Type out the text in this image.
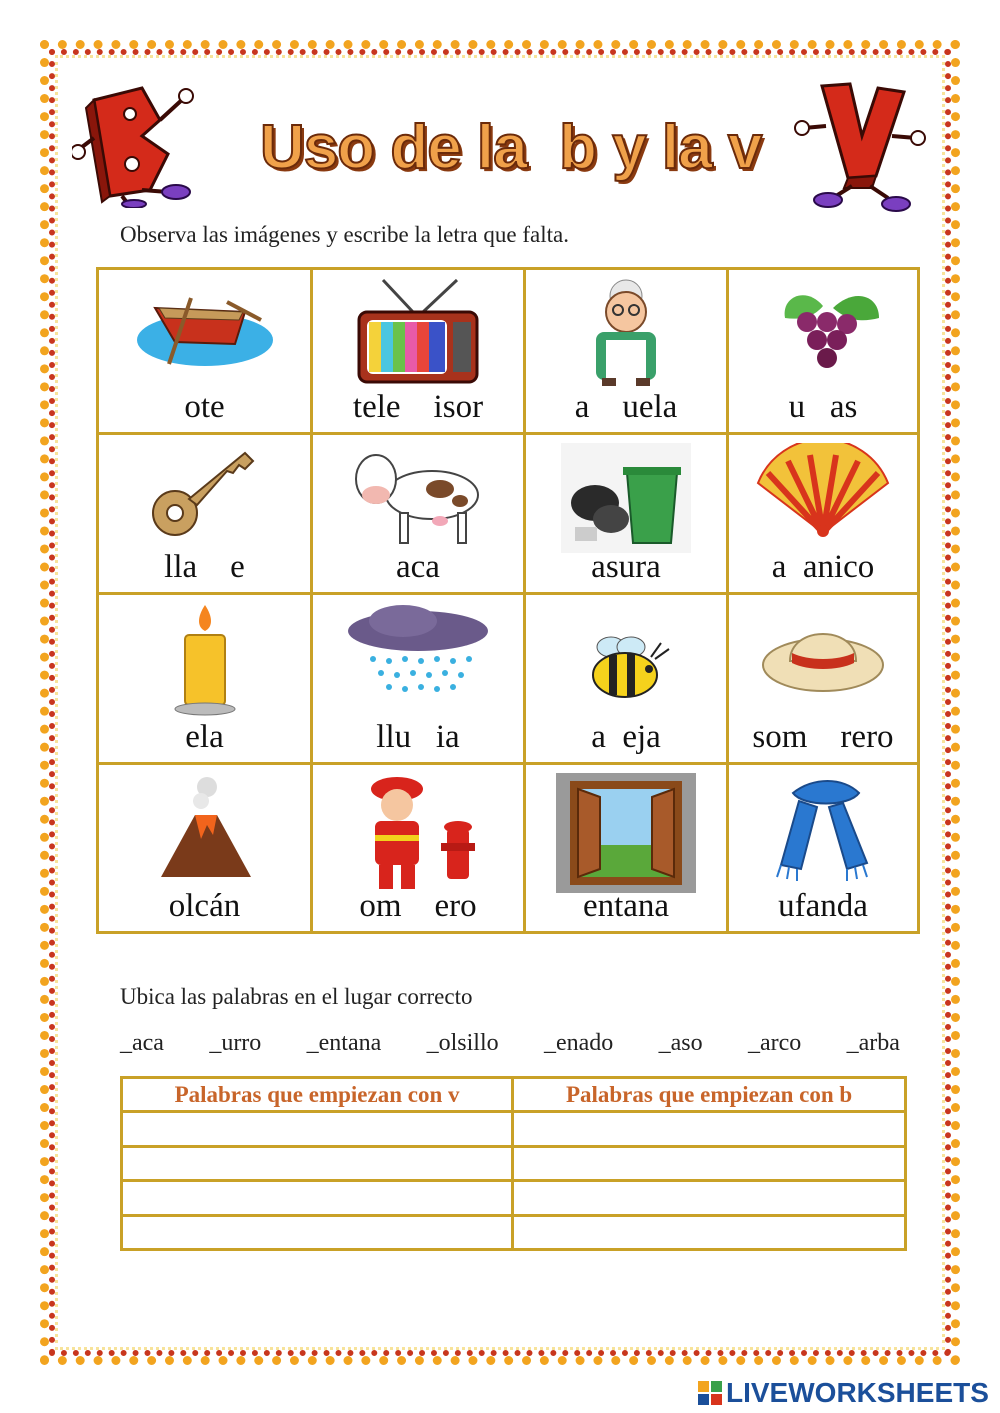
Uso de la  b y la v
Observa las imágenes y escribe la letra que falta.
ote	tele    isor	a    uela	u   as
lla    e	aca	asura	a  anico
ela	llu   ia	a  eja	som    rero
olcán	om    ero	entana	ufanda
Ubica las palabras en el lugar correcto
_aca _urro _entana _olsillo _enado _aso _arco _arba
Palabras que empiezan con v	Palabras que empiezan con b

LIVEWORKSHEETS
